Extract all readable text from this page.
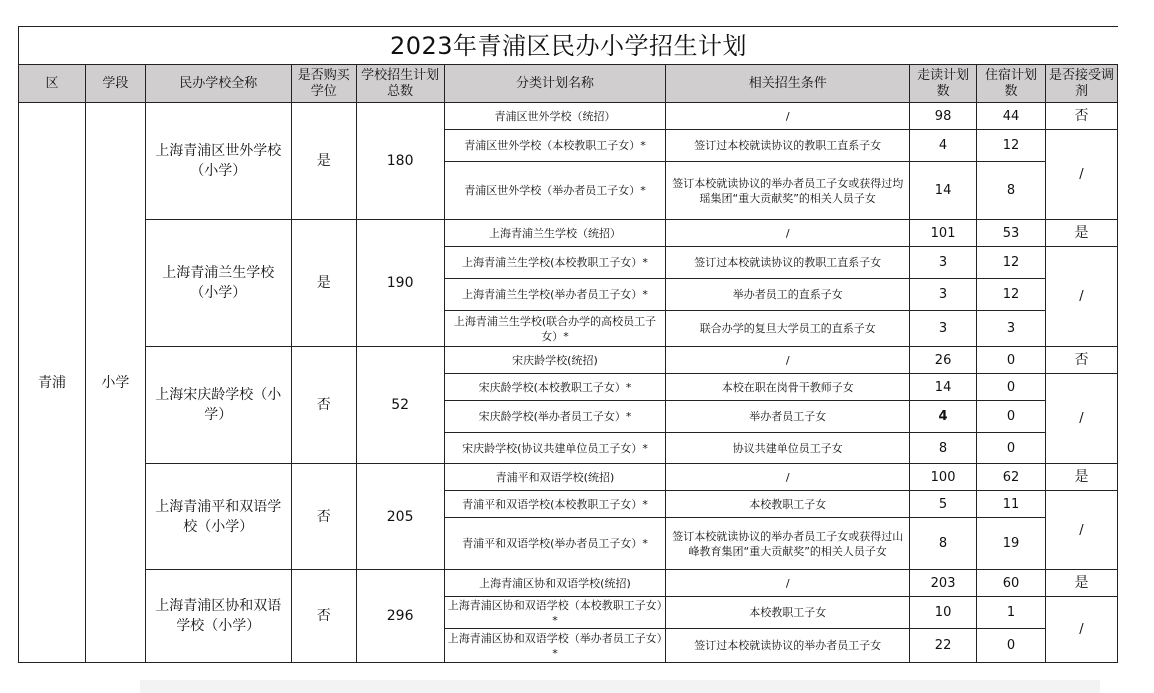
2023年青浦区民办小学招生计划
区	学段	民办学校全称	是否购买学位	学校招生计划总数	分类计划名称	相关招生条件	走读计划数	住宿计划数	是否接受调剂
青浦	小学	上海青浦区世外学校（小学）	是	180	青浦区世外学校（统招）	/	98	44	否
					青浦区世外学校（本校教职工子女）*	签订过本校就读协议的教职工直系子女	4	12	/
					青浦区世外学校（举办者员工子女）*	签订本校就读协议的举办者员工子女或获得过均瑶集团“重大贡献奖”的相关人员子女	14	8	
		上海青浦兰生学校（小学）	是	190	上海青浦兰生学校（统招）	/	101	53	是
					上海青浦兰生学校(本校教职工子女）*	签订过本校就读协议的教职工直系子女	3	12	/
					上海青浦兰生学校(举办者员工子女）*	举办者员工的直系子女	3	12	
					上海青浦兰生学校(联合办学的高校员工子女）*	联合办学的复旦大学员工的直系子女	3	3	
		上海宋庆龄学校（小学）	否	52	宋庆龄学校(统招)	/	26	0	否
					宋庆龄学校(本校教职工子女）*	本校在职在岗骨干教师子女	14	0	/
					宋庆龄学校(举办者员工子女）*	举办者员工子女	4	0	
					宋庆龄学校(协议共建单位员工子女）*	协议共建单位员工子女	8	0	
		上海青浦平和双语学校（小学）	否	205	青浦平和双语学校(统招)	/	100	62	是
					青浦平和双语学校(本校教职工子女）*	本校教职工子女	5	11	/
					青浦平和双语学校(举办者员工子女）*	签订本校就读协议的举办者员工子女或获得过山峰教育集团“重大贡献奖”的相关人员子女	8	19	
		上海青浦区协和双语学校（小学）	否	296	上海青浦区协和双语学校(统招)	/	203	60	是
					上海青浦区协和双语学校（本校教职工子女）*	本校教职工子女	10	1	/
					上海青浦区协和双语学校（举办者员工子女）*	签订过本校就读协议的举办者员工子女	22	0	
